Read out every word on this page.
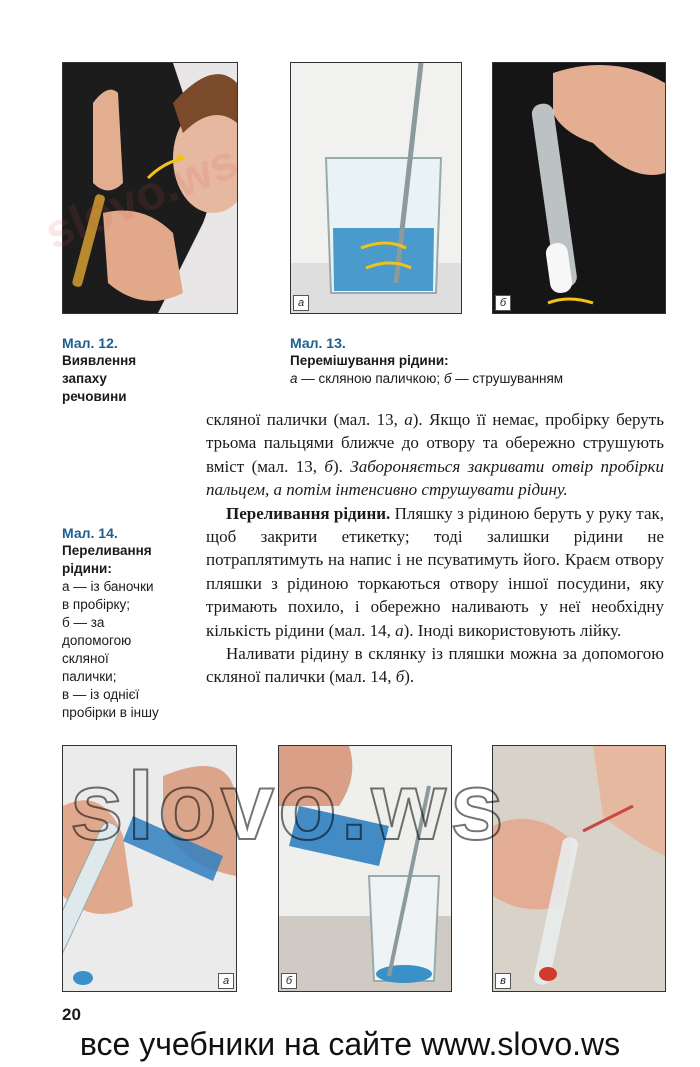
а	б
Мал. 12.
Виявлення
запаху
речовини
Мал. 13.
Перемішування рідини:
а — скляною паличкою; б — струшуванням
Мал. 14.
Переливання
рідини:
а — із баночки
в пробірку;
б — за
допомогою
скляної
палички;
в — із однієї
пробірки в іншу

скляної палички (мал. 13, а). Якщо її немає, пробірку беруть трьома пальцями ближче до отвору та обережно струшують вміст (мал. 13, б). Забороняється закривати отвір пробірки пальцем, а потім інтенсивно струшувати рідину.

Переливання рідини. Пляшку з рідиною беруть у руку так, щоб закрити етикетку; тоді залишки рідини не потраплятимуть на напис і не псуватимуть його. Краєм отвору пляшки з рідиною торкаються отвору іншої посудини, яку тримають похило, і обережно наливають у неї необхідну кількість рідини (мал. 14, а). Іноді використовують лійку.

Наливати рідину в склянку із пляшки можна за допомогою скляної палички (мал. 14, б).

а	б	в
20
все учебники на сайте www.slovo.ws
